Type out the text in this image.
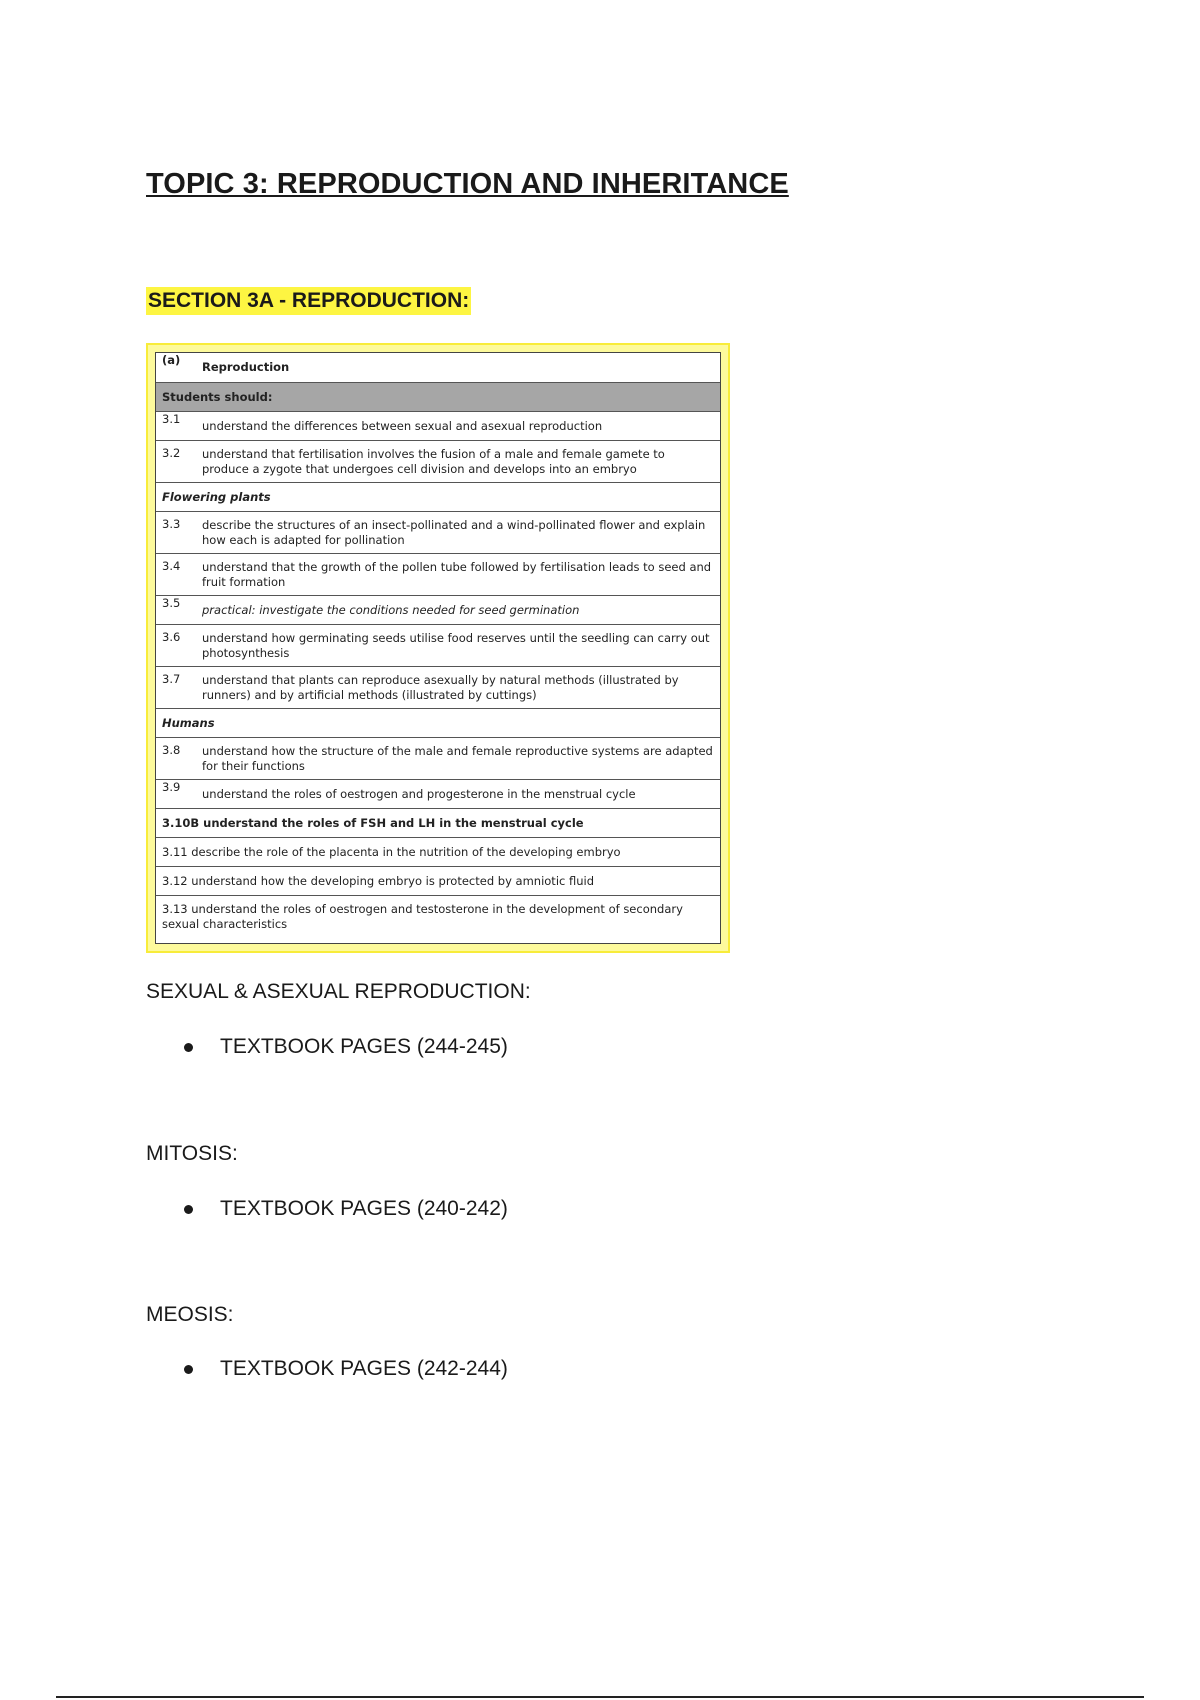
TOPIC 3: REPRODUCTION AND INHERITANCE
SECTION 3A - REPRODUCTION:
(a)	Reproduction
Students should:
3.1	understand the differences between sexual and asexual reproduction
3.2	understand that fertilisation involves the fusion of a male and female gamete to produce a zygote that undergoes cell division and develops into an embryo
Flowering plants
3.3	describe the structures of an insect-pollinated and a wind-pollinated flower and explain how each is adapted for pollination
3.4	understand that the growth of the pollen tube followed by fertilisation leads to seed and fruit formation
3.5	practical: investigate the conditions needed for seed germination
3.6	understand how germinating seeds utilise food reserves until the seedling can carry out photosynthesis
3.7	understand that plants can reproduce asexually by natural methods (illustrated by runners) and by artificial methods (illustrated by cuttings)
Humans
3.8	understand how the structure of the male and female reproductive systems are adapted for their functions
3.9	understand the roles of oestrogen and progesterone in the menstrual cycle
3.10B understand the roles of FSH and LH in the menstrual cycle
3.11 describe the role of the placenta in the nutrition of the developing embryo
3.12 understand how the developing embryo is protected by amniotic fluid
3.13 understand the roles of oestrogen and testosterone in the development of secondary sexual characteristics
SEXUAL & ASEXUAL REPRODUCTION:
TEXTBOOK PAGES (244-245)
MITOSIS:
TEXTBOOK PAGES (240-242)
MEOSIS:
TEXTBOOK PAGES (242-244)
